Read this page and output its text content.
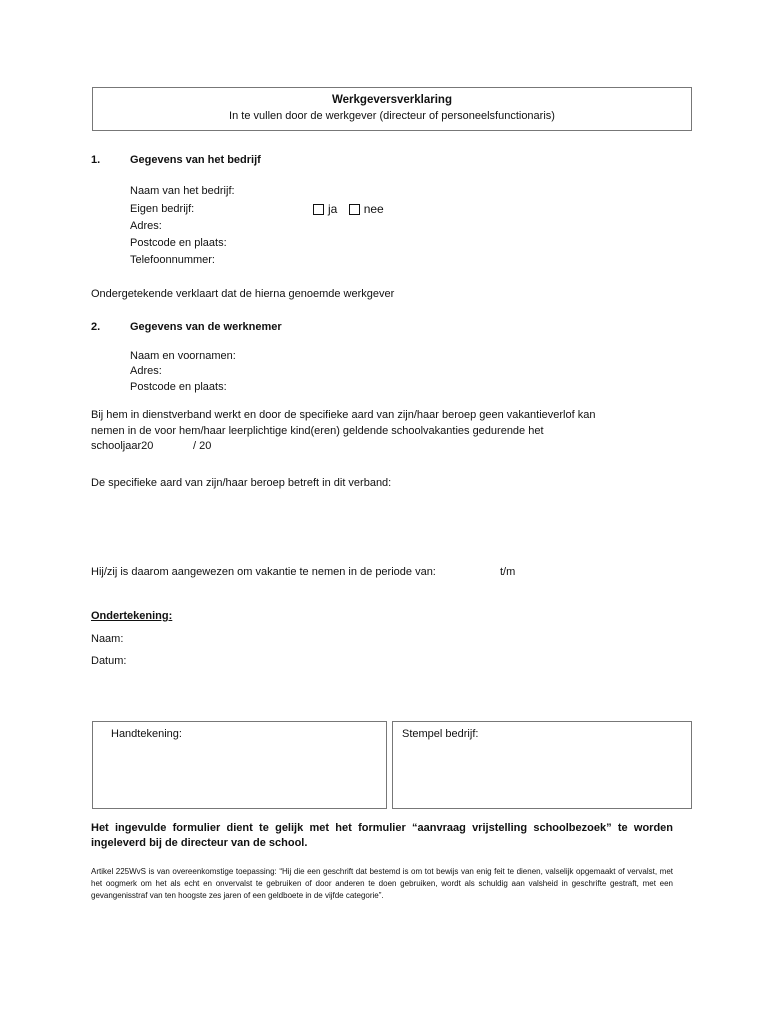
Werkgeversverklaring
In te vullen door de werkgever (directeur of personeelsfunctionaris)
1.	Gegevens van het bedrijf
Naam van het bedrijf:
Eigen bedrijf:	ja nee
Adres:
Postcode en plaats:
Telefoonnummer:
Ondergetekende verklaart dat de hierna genoemde werkgever
2.	Gegevens van de werknemer
Naam en voornamen:
Adres:
Postcode en plaats:
Bij hem in dienstverband werkt en door de specifieke aard van zijn/haar beroep geen vakantieverlof kan
nemen in de voor hem/haar leerplichtige kind(eren) geldende schoolvakanties gedurende het
schooljaar20	/ 20
De specifieke aard van zijn/haar beroep betreft in dit verband:
Hij/zij is daarom aangewezen om vakantie te nemen in de periode van:	t/m
Ondertekening:
Naam:
Datum:
Handtekening:	Stempel bedrijf:
Het ingevulde formulier dient te gelijk met het formulier “aanvraag vrijstelling schoolbezoek” te worden ingeleverd bij de directeur van de school.
Artikel 225WvS is van overeenkomstige toepassing: “Hij die een geschrift dat bestemd is om tot bewijs van enig feit te dienen, valselijk opgemaakt of vervalst, met het oogmerk om het als echt en onvervalst te gebruiken of door anderen te doen gebruiken, wordt als schuldig aan valsheid in geschrifte gestraft, met een gevangenisstraf van ten hoogste zes jaren of een geldboete in de vijfde categorie”.
